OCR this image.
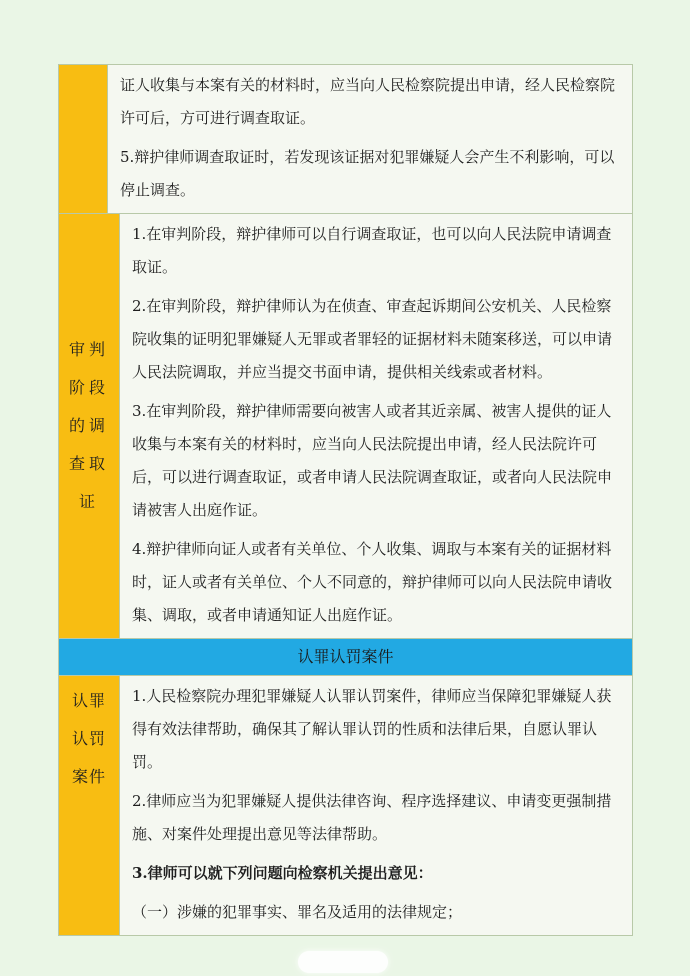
证人收集与本案有关的材料时，应当向人民检察院提出申请，经人民检察院许可后，方可进行调查取证。

5.辩护律师调查取证时，若发现该证据对犯罪嫌疑人会产生不利影响，可以停止调查。

审判阶段的调查取证

1.在审判阶段，辩护律师可以自行调查取证，也可以向人民法院申请调查取证。

2.在审判阶段，辩护律师认为在侦查、审查起诉期间公安机关、人民检察院收集的证明犯罪嫌疑人无罪或者罪轻的证据材料未随案移送，可以申请人民法院调取，并应当提交书面申请，提供相关线索或者材料。

3.在审判阶段，辩护律师需要向被害人或者其近亲属、被害人提供的证人收集与本案有关的材料时，应当向人民法院提出申请，经人民法院许可后，可以进行调查取证，或者申请人民法院调查取证，或者向人民法院申请被害人出庭作证。

4.辩护律师向证人或者有关单位、个人收集、调取与本案有关的证据材料时，证人或者有关单位、个人不同意的，辩护律师可以向人民法院申请收集、调取，或者申请通知证人出庭作证。

认罪认罚案件
认罪认罚案件

1.人民检察院办理犯罪嫌疑人认罪认罚案件，律师应当保障犯罪嫌疑人获得有效法律帮助，确保其了解认罪认罚的性质和法律后果，自愿认罪认罚。

2.律师应当为犯罪嫌疑人提供法律咨询、程序选择建议、申请变更强制措施、对案件处理提出意见等法律帮助。

3.律师可以就下列问题向检察机关提出意见：

（一）涉嫌的犯罪事实、罪名及适用的法律规定；
